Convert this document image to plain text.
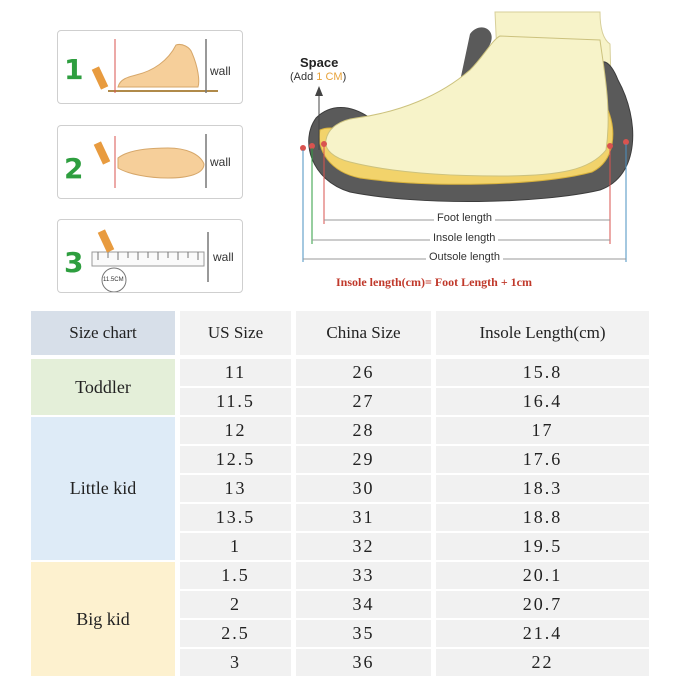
1	wall
2	wall
3
11.5CM
wall
Space
(Add 1 CM)
Foot length
Insole length
Outsole length
Insole length(cm)= Foot Length + 1cm
Size chart	US Size	China Size	Insole Length(cm)
Toddler
11	26	15.8
11.5	27	16.4
Little kid
12	28	17
12.5	29	17.6
13	30	18.3
13.5	31	18.8
1	32	19.5
Big kid
1.5	33	20.1
2	34	20.7
2.5	35	21.4
3	36	22
